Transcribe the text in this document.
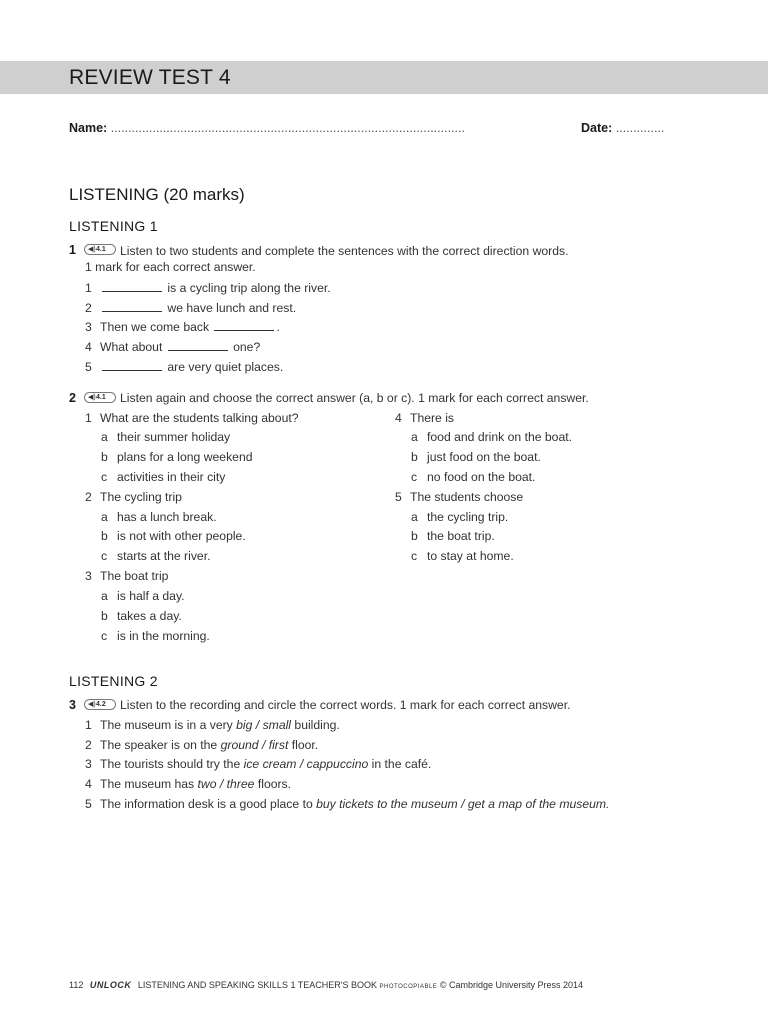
REVIEW TEST 4
Name: ......................................................................................................	Date: ..............
LISTENING (20 marks)
LISTENING 1
1 ◀) 4.1 Listen to two students and complete the sentences with the correct direction words.
1 mark for each correct answer.
1	is a cycling trip along the river.
2	we have lunch and rest.
3 Then we come back	.
4 What about	one?
5	are very quiet places.
2 ◀) 4.1 Listen again and choose the correct answer (a, b or c). 1 mark for each correct answer.
1 What are the students talking about?
a their summer holiday
b plans for a long weekend
c activities in their city
2 The cycling trip
a has a lunch break.
b is not with other people.
c starts at the river.
3 The boat trip
a is half a day.
b takes a day.
c is in the morning.
4 There is
a food and drink on the boat.
b just food on the boat.
c no food on the boat.
5 The students choose
a the cycling trip.
b the boat trip.
c to stay at home.
LISTENING 2
3 ◀) 4.2 Listen to the recording and circle the correct words. 1 mark for each correct answer.
1 The museum is in a very big / small building.
2 The speaker is on the ground / first floor.
3 The tourists should try the ice cream / cappuccino in the café.
4 The museum has two / three floors.
5 The information desk is a good place to buy tickets to the museum / get a map of the museum.
112 UNLOCK LISTENING AND SPEAKING SKILLS 1 TEACHER'S BOOK PHOTOCOPIABLE © Cambridge University Press 2014
